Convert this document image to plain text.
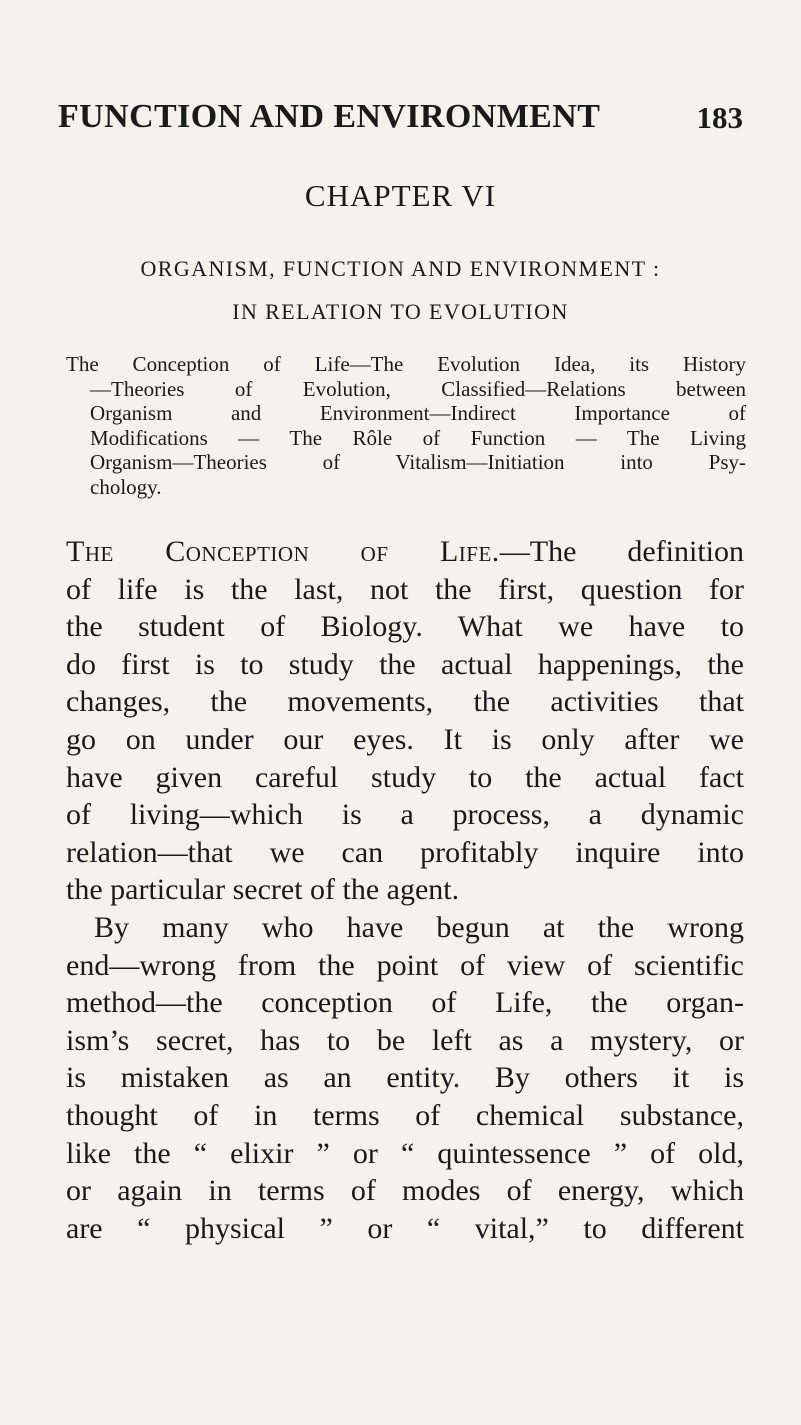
FUNCTION AND ENVIRONMENT	183
CHAPTER VI
ORGANISM, FUNCTION AND ENVIRONMENT :
IN RELATION TO EVOLUTION
The Conception of Life—The Evolution Idea, its History
—Theories of Evolution, Classified—Relations between
Organism and Environment—Indirect Importance of
Modifications — The Rôle of Function — The Living
Organism—Theories of Vitalism—Initiation into Psy-
chology.
The Conception of Life.—The definition
of life is the last, not the first, question for
the student of Biology. What we have to
do first is to study the actual happenings, the
changes, the movements, the activities that
go on under our eyes. It is only after we
have given careful study to the actual fact
of living—which is a process, a dynamic
relation—that we can profitably inquire into
the particular secret of the agent.
By many who have begun at the wrong
end—wrong from the point of view of scientific
method—the conception of Life, the organ-
ism’s secret, has to be left as a mystery, or
is mistaken as an entity. By others it is
thought of in terms of chemical substance,
like the “ elixir ” or “ quintessence ” of old,
or again in terms of modes of energy, which
are “ physical ” or “ vital,” to different
